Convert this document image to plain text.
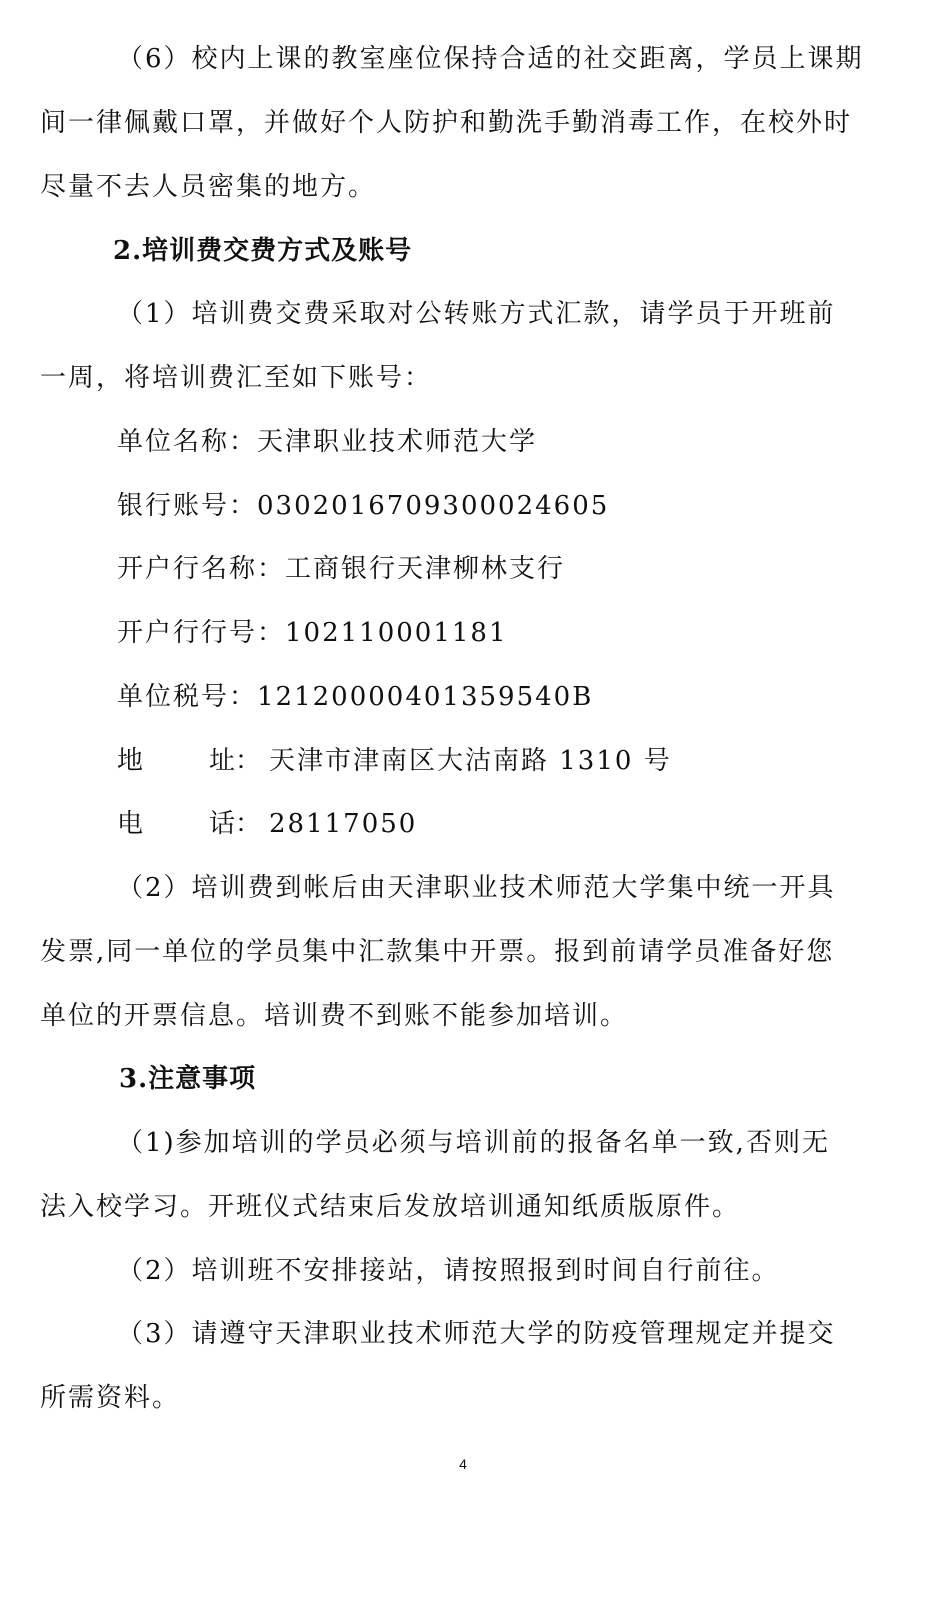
（6）校内上课的教室座位保持合适的社交距离，学员上课期
间一律佩戴口罩，并做好个人防护和勤洗手勤消毒工作，在校外时
尽量不去人员密集的地方。
2.培训费交费方式及账号
（1）培训费交费采取对公转账方式汇款，请学员于开班前
一周，将培训费汇至如下账号：
单位名称：天津职业技术师范大学
银行账号：0302016709300024605
开户行名称：工商银行天津柳林支行
开户行行号：102110001181
单位税号：12120000401359540B
地	址： 天津市津南区大沽南路 1310 号
电	话： 28117050
（2）培训费到帐后由天津职业技术师范大学集中统一开具
发票,同一单位的学员集中汇款集中开票。报到前请学员准备好您
单位的开票信息。培训费不到账不能参加培训。
3.注意事项
（1)参加培训的学员必须与培训前的报备名单一致,否则无
法入校学习。开班仪式结束后发放培训通知纸质版原件。
（2）培训班不安排接站，请按照报到时间自行前往。
（3）请遵守天津职业技术师范大学的防疫管理规定并提交
所需资料。
4
